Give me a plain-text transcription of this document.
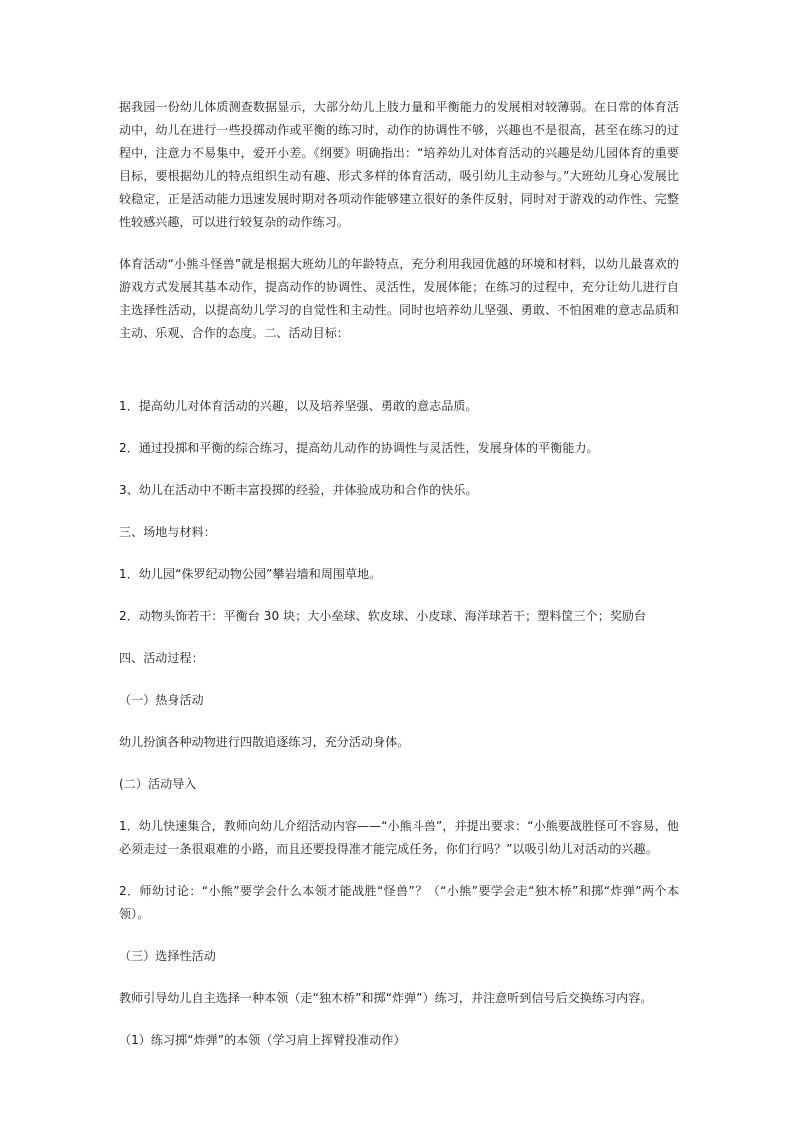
据我园一份幼儿体质测查数据显示，大部分幼儿上肢力量和平衡能力的发展相对较薄弱。在日常的体育活动中，幼儿在进行一些投掷动作或平衡的练习时，动作的协调性不够，兴趣也不是很高，甚至在练习的过程中，注意力不易集中，爱开小差。《纲要》明确指出：“培养幼儿对体育活动的兴趣是幼儿园体育的重要目标，要根据幼儿的特点组织生动有趣、形式多样的体育活动，吸引幼儿主动参与。”大班幼儿身心发展比较稳定，正是活动能力迅速发展时期对各项动作能够建立很好的条件反射，同时对于游戏的动作性、完整性较感兴趣，可以进行较复杂的动作练习。

体育活动“小熊斗怪兽”就是根据大班幼儿的年龄特点，充分利用我园优越的环境和材料，以幼儿最喜欢的游戏方式发展其基本动作，提高动作的协调性、灵活性，发展体能；在练习的过程中，充分让幼儿进行自主选择性活动，以提高幼儿学习的自觉性和主动性。同时也培养幼儿坚强、勇敢、不怕困难的意志品质和主动、乐观、合作的态度。二、活动目标：

1．提高幼儿对体育活动的兴趣，以及培养坚强、勇敢的意志品质。

2．通过投掷和平衡的综合练习，提高幼儿动作的协调性与灵活性，发展身体的平衡能力。

3、幼儿在活动中不断丰富投掷的经验，并体验成功和合作的快乐。

三、场地与材料：

1．幼儿园“侏罗纪动物公园”攀岩墙和周围草地。

2．动物头饰若干：平衡台 30 块；大小垒球、软皮球、小皮球、海洋球若干；塑料筐三个；奖励台

四、活动过程：

（一）热身活动

幼儿扮演各种动物进行四散追逐练习，充分活动身体。

(二）活动导入

1．幼儿快速集合，教师向幼儿介绍活动内容——“小熊斗兽”，并提出要求：“小熊要战胜怪可不容易，他必须走过一条很艰难的小路，而且还要投得准才能完成任务，你们行吗？”以吸引幼儿对活动的兴趣。

2．师幼讨论：“小熊”要学会什么本领才能战胜“怪兽”？（“小熊”要学会走“独木桥”和掷“炸弹”两个本领）。

（三）选择性活动

教师引导幼儿自主选择一种本领（走“独木桥”和掷“炸弹”）练习，并注意听到信号后交换练习内容。

（1）练习掷“炸弹”的本领（学习肩上挥臂投准动作）
